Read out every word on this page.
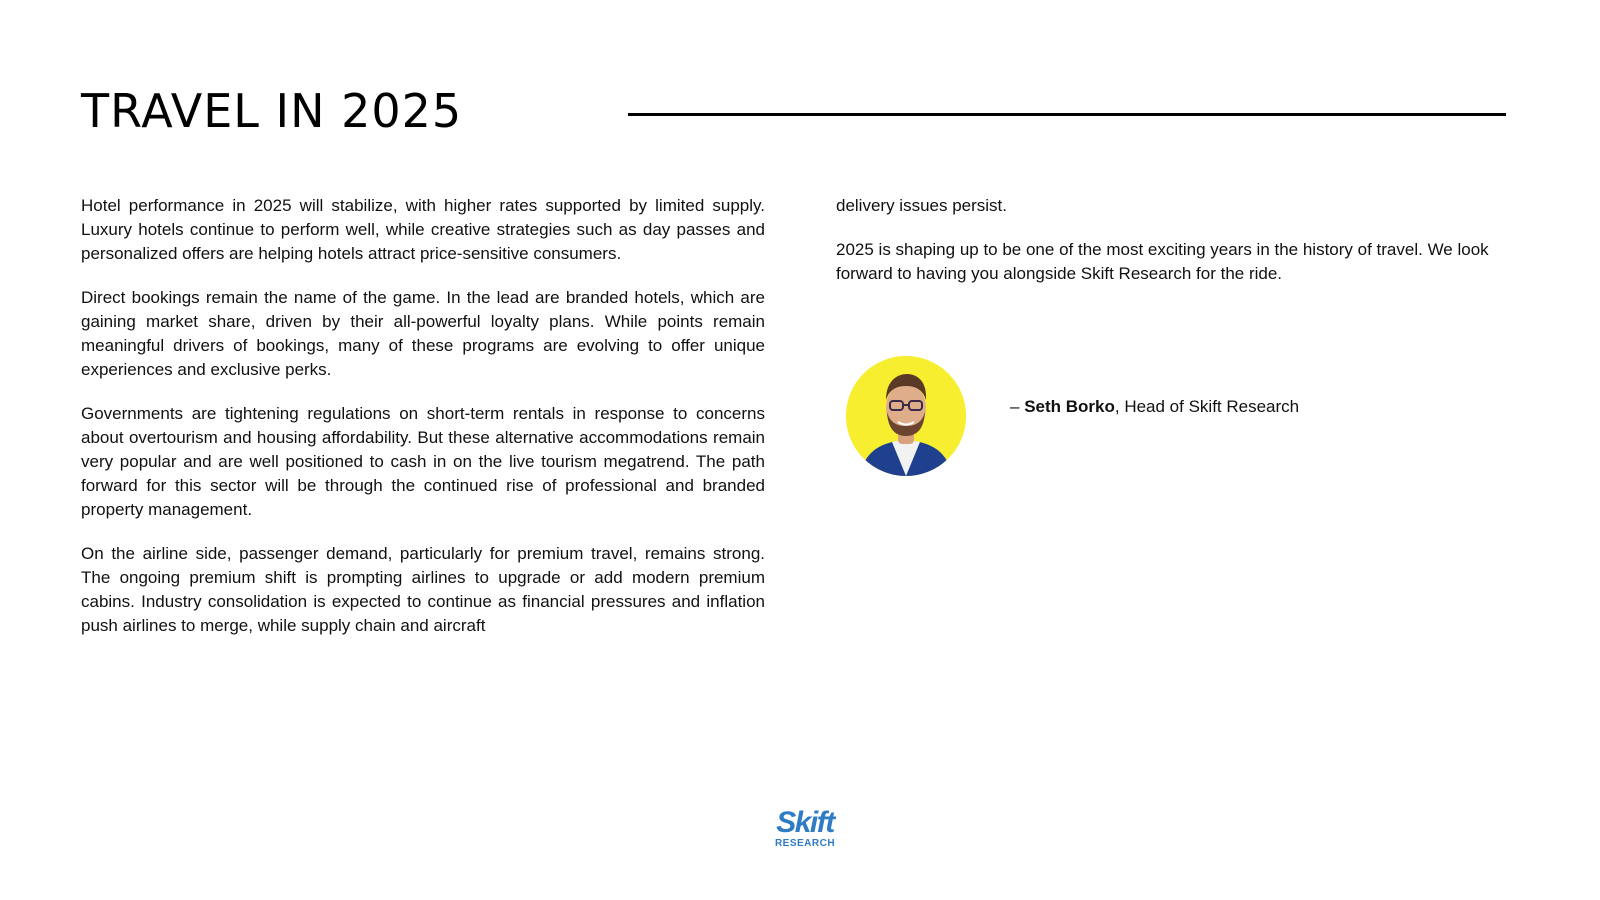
TRAVEL IN 2025

Hotel performance in 2025 will stabilize, with higher rates supported by limited supply. Luxury hotels continue to perform well, while creative strategies such as day passes and personalized offers are helping hotels attract price-sensitive consumers.

Direct bookings remain the name of the game. In the lead are branded hotels, which are gaining market share, driven by their all-powerful loyalty plans. While points remain meaningful drivers of bookings, many of these programs are evolving to offer unique experiences and exclusive perks.

Governments are tightening regulations on short-term rentals in response to concerns about overtourism and housing affordability. But these alternative accommodations remain very popular and are well positioned to cash in on the live tourism megatrend. The path forward for this sector will be through the continued rise of professional and branded property management.

On the airline side, passenger demand, particularly for premium travel, remains strong. The ongoing premium shift is prompting airlines to upgrade or add modern premium cabins. Industry consolidation is expected to continue as financial pressures and inflation push airlines to merge, while supply chain and aircraft

delivery issues persist.

2025 is shaping up to be one of the most exciting years in the history of travel. We look forward to having you alongside Skift Research for the ride.

– Seth Borko, Head of Skift Research
Skift
RESEARCH
